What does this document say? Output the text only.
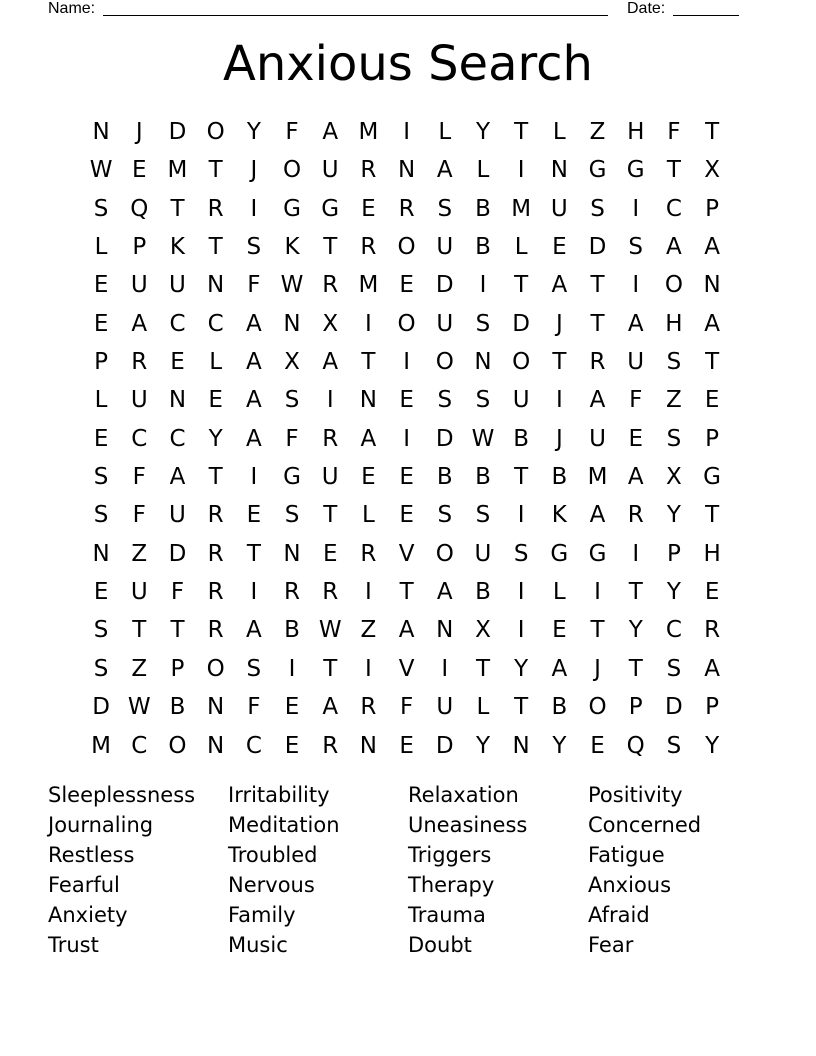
Name:	Date:
Anxious Search
N	J	D O Y	F	A M	I	L	Y	T	L	Z H F	T
W E M T	J	O U R N A	L	I	N G G T	X
S Q T	R	I	G G E R S	B M U S	I	C	P
L	P	K	T	S	K	T	R O U B	L	E D S	A A
E U U N F W R M E D	I	T	A	T	I	O N
E	A C C A N X	I	O U S D	J	T	A H A
P	R E	L	A X A	T	I	O N O T	R U S	T
L	U N E	A	S	I	N E	S	S U	I	A	F	Z	E
E C C	Y	A	F	R A	I	D W B	J	U E	S	P
S	F	A	T	I	G U E	E	B B	T	B M A X G
S	F	U R E	S	T	L	E	S	S	I	K A R	Y	T
N Z D R	T N E R V O U S G G	I	P H
E U	F	R	I	R R	I	T	A B	I	L	I	T	Y	E
S	T	T	R A B W Z A N X	I	E	T	Y	C R
S	Z	P O S	I	T	I	V	I	T	Y	A	J	T	S	A
D W B N F	E	A R	F	U	L	T	B O P D P
M C O N C E R N E D Y N Y	E Q S	Y
Sleeplessness	Irritability	Relaxation	Positivity
Journaling	Meditation	Uneasiness	Concerned
Restless	Troubled	Triggers	Fatigue
Fearful	Nervous	Therapy	Anxious
Anxiety	Family	Trauma	Afraid
Trust	Music	Doubt	Fear
